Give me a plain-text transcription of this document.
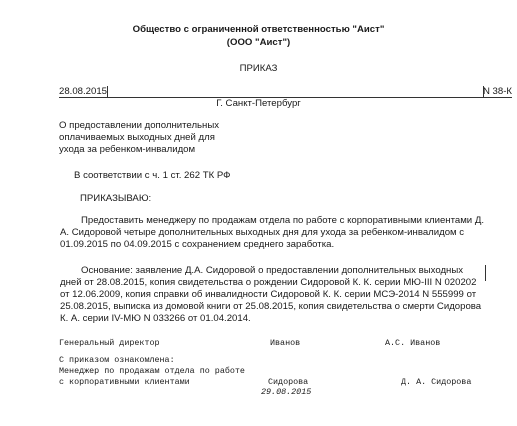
Общество с ограниченной ответственностью "Аист"
(ООО "Аист")
ПРИКАЗ
28.08.2015	N 38-К
Г. Санкт-Петербург
О предоставлении дополнительных оплачиваемых выходных дней для ухода за ребенком-инвалидом
В соответствии с ч. 1 ст. 262 ТК РФ
ПРИКАЗЫВАЮ:
Предоставить менеджеру по продажам отдела по работе с корпоративными клиентами Д. А. Сидоровой четыре дополнительных выходных дня для ухода за ребенком-инвалидом с 01.09.2015 по 04.09.2015 с сохранением среднего заработка.
Основание: заявление Д.А. Сидоровой о предоставлении дополнительных выходных дней от 28.08.2015, копия свидетельства о рождении Сидоровой К. К. серии МЮ-III N 020202 от 12.06.2009, копия справки об инвалидности Сидоровой К. К. серии МСЭ-2014 N 555999 от 25.08.2015, выписка из домовой книги от 25.08.2015, копия свидетельства о смерти Сидорова К. А. серии IV-МЮ N 033266 от 01.04.2014.
Генеральный директор	Иванов	А.С. Иванов
С приказом ознакомлена:
Менеджер по продажам отдела по работе
с корпоративными клиентами	Сидорова	Д. А. Сидорова
29.08.2015
